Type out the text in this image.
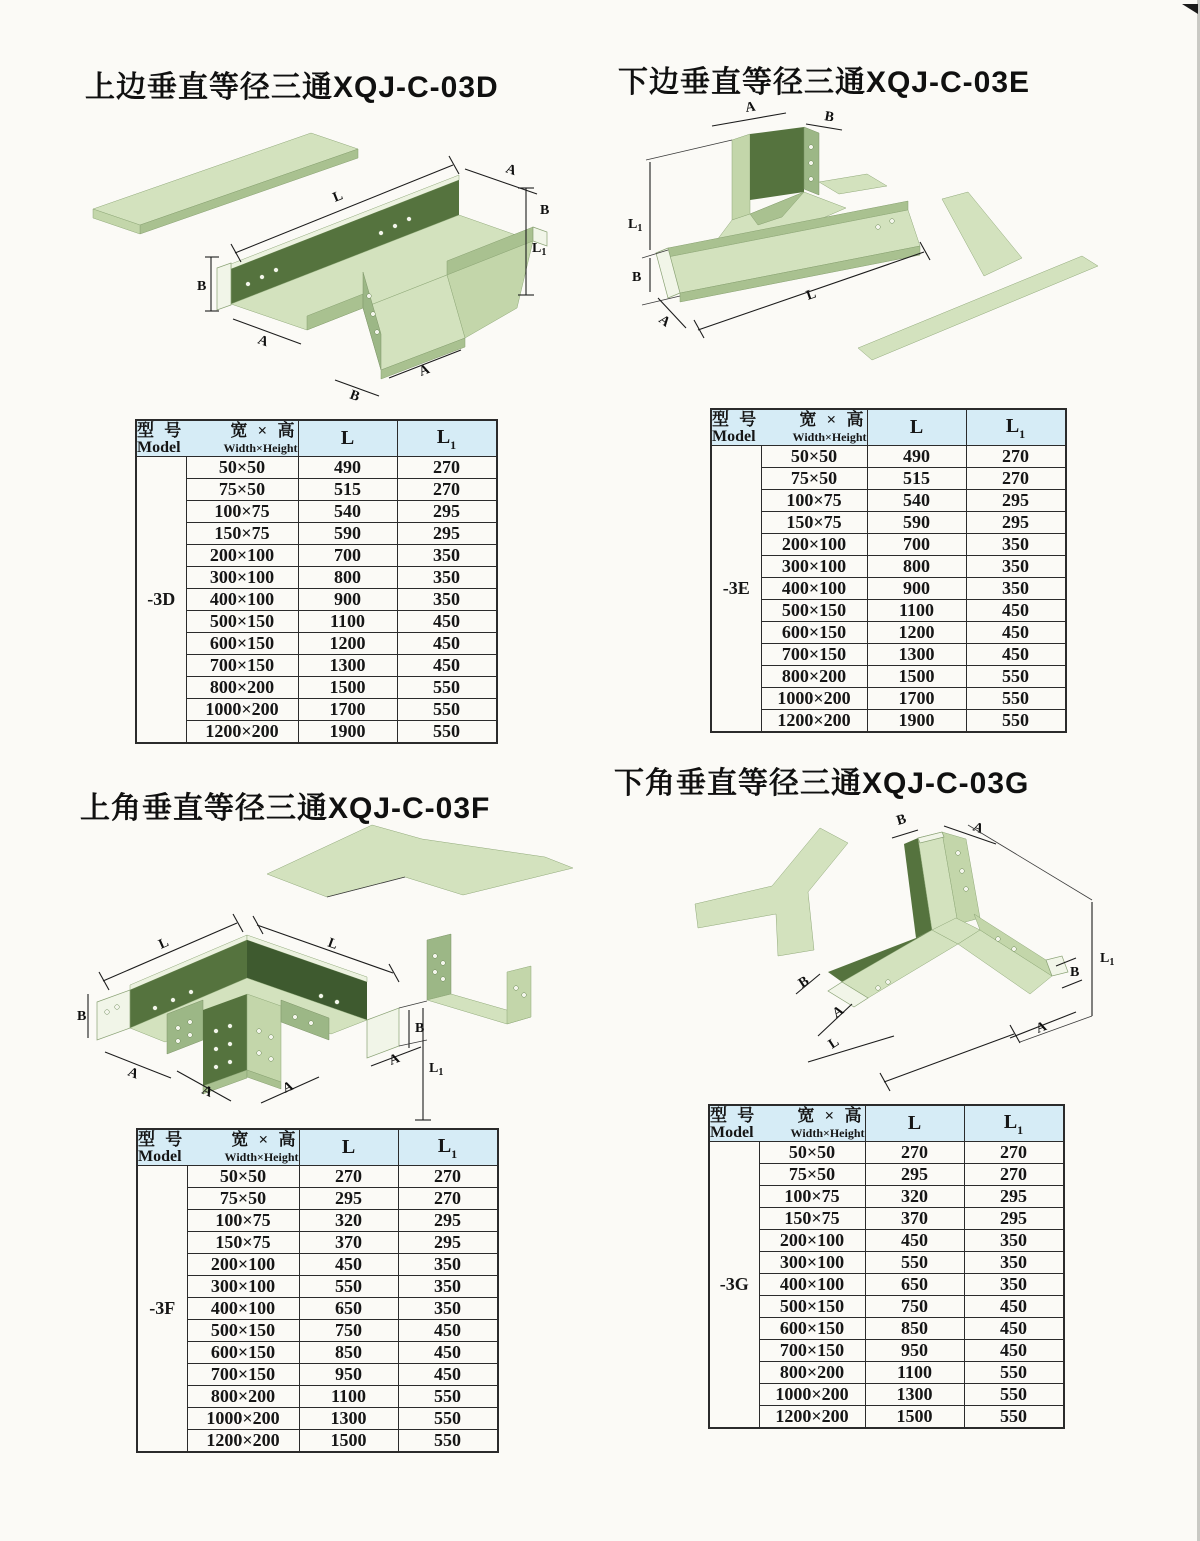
上边垂直等径三通XQJ-C-03D
L
A
B
$L_1$
B
A
B
A
型 号 宽 × 高
Model Width×Height		L	$L_1$
-3D	50×50	490	270
	75×50	515	270
	100×75	540	295
	150×75	590	295
	200×100	700	350
	300×100	800	350
	400×100	900	350
	500×150	1100	450
	600×150	1200	450
	700×150	1300	450
	800×200	1500	550
	1000×200	1700	550
	1200×200	1900	550
下边垂直等径三通XQJ-C-03E
A
B
$L_1$
B
A
L
型 号 宽 × 高
Model Width×Height		L	$L_1$
-3E	50×50	490	270
	75×50	515	270
	100×75	540	295
	150×75	590	295
	200×100	700	350
	300×100	800	350
	400×100	900	350
	500×150	1100	450
	600×150	1200	450
	700×150	1300	450
	800×200	1500	550
	1000×200	1700	550
	1200×200	1900	550
上角垂直等径三通XQJ-C-03F
L	L
B
A
A	A
B
A $L_1$
型 号 宽 × 高
Model Width×Height		L	$L_1$
-3F	50×50	270	270
	75×50	295	270
	100×75	320	295
	150×75	370	295
	200×100	450	350
	300×100	550	350
	400×100	650	350
	500×150	750	450
	600×150	850	450
	700×150	950	450
	800×200	1100	550
	1000×200	1300	550
	1200×200	1500	550
下角垂直等径三通XQJ-C-03G
B	A
$L_1$
B
A
B
A
L
型 号 宽 × 高
Model Width×Height		L	$L_1$
-3G	50×50	270	270
	75×50	295	270
	100×75	320	295
	150×75	370	295
	200×100	450	350
	300×100	550	350
	400×100	650	350
	500×150	750	450
	600×150	850	450
	700×150	950	450
	800×200	1100	550
	1000×200	1300	550
	1200×200	1500	550
